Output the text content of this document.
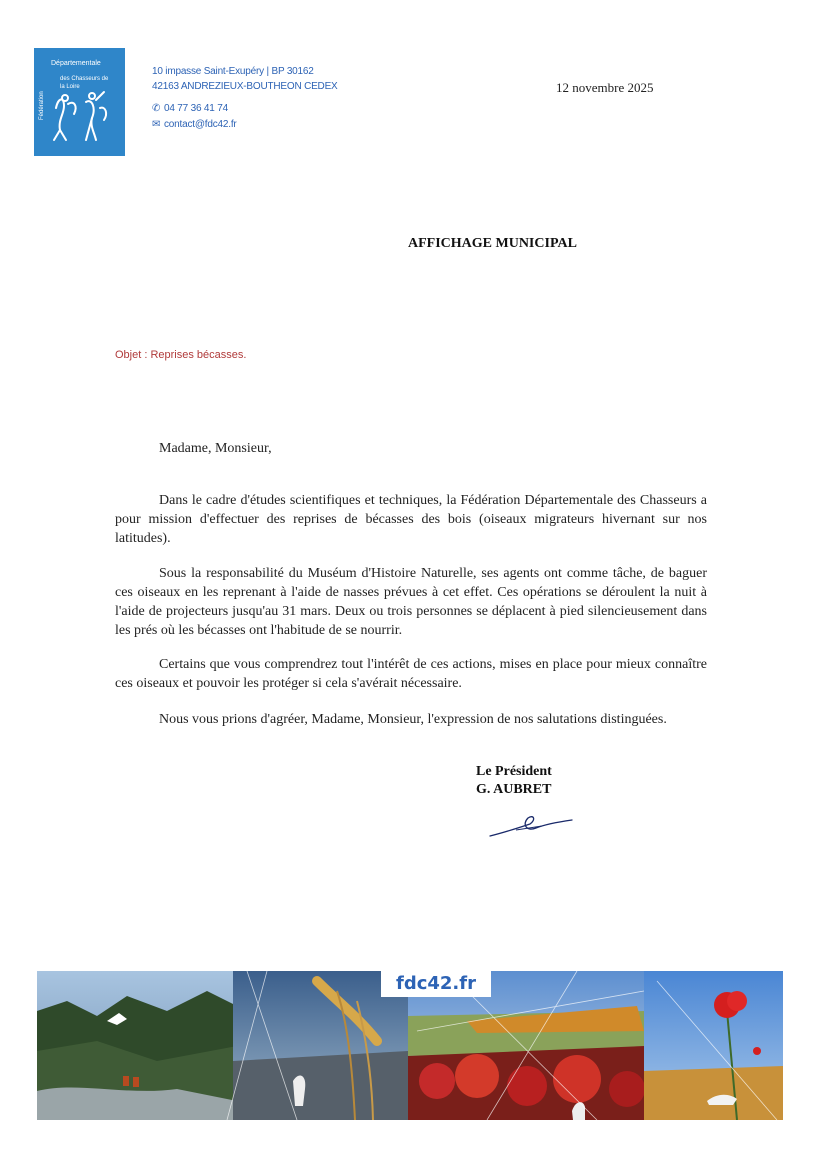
Départementale
des Chasseurs de la Loire
Fédération
10 impasse Saint-Exupéry | BP 30162
42163 ANDREZIEUX-BOUTHEON CEDEX
✆ 04 77 36 41 74
✉ contact@fdc42.fr
12 novembre 2025
AFFICHAGE MUNICIPAL
Objet : Reprises bécasses.
Madame, Monsieur,
Dans le cadre d'études scientifiques et techniques, la Fédération Départementale des Chasseurs a pour mission d'effectuer des reprises de bécasses des bois (oiseaux migrateurs hivernant sur nos latitudes).
Sous la responsabilité du Muséum d'Histoire Naturelle, ses agents ont comme tâche, de baguer ces oiseaux en les reprenant à l'aide de nasses prévues à cet effet. Ces opérations se déroulent la nuit à l'aide de projecteurs jusqu'au 31 mars. Deux ou trois personnes se déplacent à pied silencieusement dans les prés où les bécasses ont l'habitude de se nourrir.
Certains que vous comprendrez tout l'intérêt de ces actions, mises en place pour mieux connaître ces oiseaux et pouvoir les protéger si cela s'avérait nécessaire.
Nous vous prions d'agréer, Madame, Monsieur, l'expression de nos salutations distinguées.
Le Président
G. AUBRET
fdc42.fr
